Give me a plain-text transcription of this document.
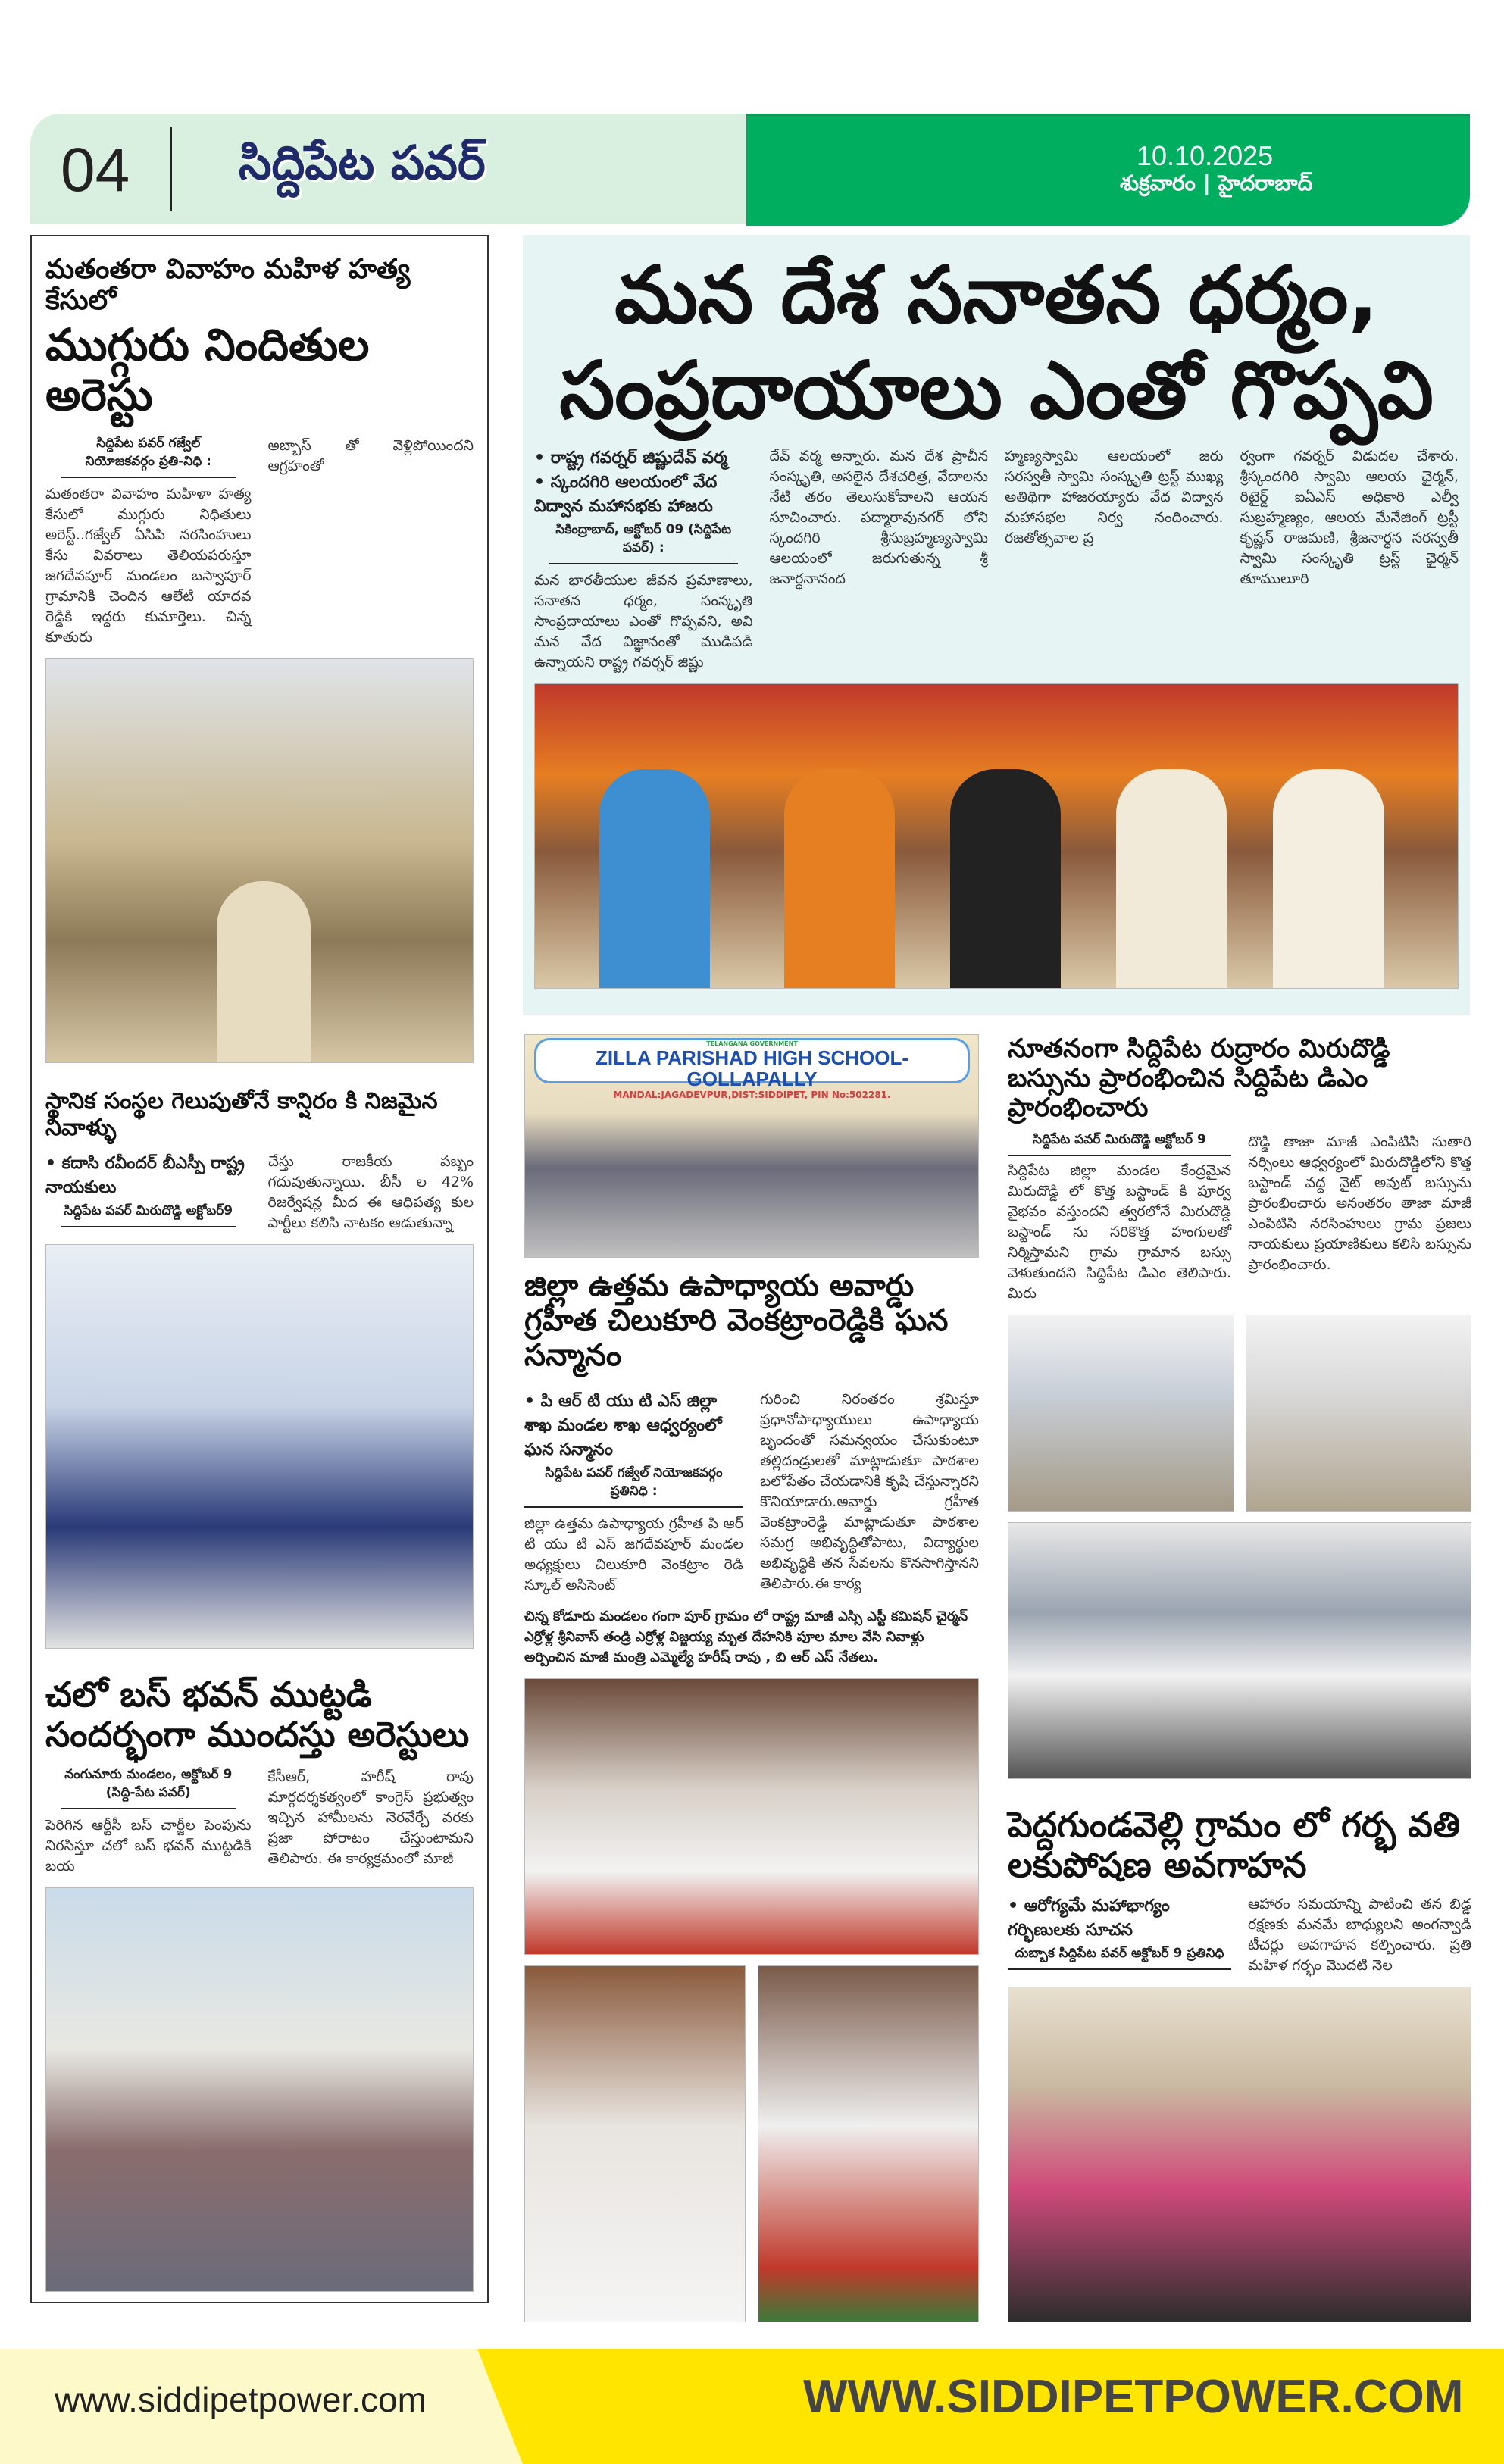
04 సిద్దిపేట పవర్	10.10.2025
శుక్రవారం | హైదరాబాద్
మతంతరా వివాహం మహిళ హత్య కేసులో
ముగ్గురు నిందితుల అరెస్టు
సిద్దిపేట పవర్ గజ్వేల్ నియోజకవర్గం ప్రతి-నిధి :
మతంతరా వివాహం మహిళా హత్య కేసులో ముగ్గురు నిధితులు అరెస్ట్..గజ్వేల్ ఏసిపి నరసింహులు కేసు వివరాలు తెలియపరుస్తూ జగదేవపూర్ మండలం బస్వాపూర్ గ్రామానికి చెందిన ఆలేటి యాదవ రెడ్డికి ఇద్దరు కుమార్తెలు. చిన్న కూతురు
అబ్బాస్ తో వెళ్లిపోయిందని ఆగ్రహంతో
స్థానిక సంస్థల గెలుపుతోనే కాన్షిరం కి నిజమైన నివాళ్ళు
• కదాసి రవీందర్ బీఎస్పీ రాష్ట్ర నాయకులు
సిద్దిపేట పవర్ మిరుదొడ్డి అక్టోబర్9
చేస్తు రాజకీయ పబ్బం గదువుతున్నాయి. బీసీ ల 42% రిజర్వేషన్ల మీద ఈ ఆధిపత్య కుల పార్టీలు కలిసి నాటకం ఆడుతున్నా
చలో బస్ భవన్ ముట్టడి సందర్భంగా ముందస్తు అరెస్టులు
నంగునూరు మండలం, అక్టోబర్ 9 (సిద్ది-పేట పవర్)
పెరిగిన ఆర్టీసీ బస్ చార్జీల పెంపును నిరసిస్తూ చలో బస్ భవన్ ముట్టడికి బయ
కేసీఆర్, హరీష్ రావు మార్గదర్శకత్వంలో కాంగ్రెస్ ప్రభుత్వం ఇచ్చిన హామీలను నెరవేర్చే వరకు ప్రజా పోరాటం చేస్తుంటామని తెలిపారు. ఈ కార్యక్రమంలో మాజీ
మన దేశ సనాతన ధర్మం,
సంప్రదాయాలు ఎంతో గొప్పవి
• రాష్ట్ర గవర్నర్ జిష్ణుదేవ్ వర్మ
• స్కందగిరి ఆలయంలో వేద విద్వాన మహాసభకు హాజరు
సికింద్రాబాద్, అక్టోబర్ 09 (సిద్దిపేట పవర్) :
మన భారతీయుల జీవన ప్రమాణాలు, సనాతన ధర్మం, సంస్కృతి సాంప్రదాయాలు ఎంతో గొప్పవని, అవి మన వేద విజ్ఞానంతో ముడిపడి ఉన్నాయని రాష్ట్ర గవర్నర్ జిష్ణు
దేవ్ వర్మ అన్నారు. మన దేశ ప్రాచీన సంస్కృతి, అసలైన దేశచరిత్ర, వేదాలను నేటి తరం తెలుసుకోవాలని ఆయన సూచించారు. పద్మారావునగర్ లోని స్కందగిరి శ్రీసుబ్రహ్మణ్యస్వామి ఆలయంలో జరుగుతున్న శ్రీ జనార్ధనానంద
హ్మణ్యస్వామి ఆలయంలో జరు సరస్వతీ స్వామి సంస్కృతి ట్రస్ట్ ముఖ్య అతిథిగా హాజరయ్యారు వేద విద్వాన మహాసభల నిర్వ నందించారు. రజతోత్సవాల ప్ర
ర్వంగా గవర్నర్ విడుదల చేశారు. శ్రీస్కందగిరి స్వామి ఆలయ ఛైర్మన్, రిటైర్డ్ ఐఏఎస్ అధికారి ఎల్వీ సుబ్రహ్మణ్యం, ఆలయ మేనేజింగ్ ట్రస్టీ కృష్ణన్ రాజమణి, శ్రీజనార్ధన సరస్వతీ స్వామి సంస్కృతి ట్రస్ట్ ఛైర్మన్ తూములూరి
TELANGANA GOVERNMENT
ZILLA PARISHAD HIGH SCHOOL-GOLLAPALLY
MANDAL:JAGADEVPUR,DIST:SIDDIPET, PIN No:502281.
జిల్లా ఉత్తమ ఉపాధ్యాయ అవార్డు గ్రహీత చిలుకూరి వెంకట్రాంరెడ్డికి ఘన సన్మానం
• పి ఆర్ టి యు టి ఎస్ జిల్లా శాఖ మండల శాఖ ఆధ్వర్యంలో ఘన సన్మానం
సిద్దిపేట పవర్ గజ్వేల్ నియోజకవర్గం ప్రతినిధి :
జిల్లా ఉత్తమ ఉపాధ్యాయ గ్రహీత పి ఆర్ టి యు టి ఎస్ జగదేవపూర్ మండల అధ్యక్షులు చిలుకూరి వెంకట్రాం రెడి స్కూల్ అసిసెంట్
గురించి నిరంతరం శ్రమిస్తూ ప్రధానోపాధ్యాయులు ఉపాధ్యాయ బృందంతో సమన్వయం చేసుకుంటూ తల్లిదండ్రులతో మాట్లాడుతూ పాఠశాల బలోపేతం చేయడానికి కృషి చేస్తున్నారని కొనియాడారు.అవార్డు గ్రహీత వెంకట్రాంరెడ్డి మాట్లాడుతూ పాఠశాల సమగ్ర అభివృద్ధితోపాటు, విద్యార్థుల అభివృద్ధికి తన సేవలను కొనసాగిస్తానని తెలిపారు.ఈ కార్య
చిన్న కోడూరు మండలం గంగా పూర్ గ్రామం లో రాష్ట్ర మాజీ ఎస్సి ఎస్టీ కమిషన్ చైర్మన్ ఎర్రోళ్ల శ్రీనివాస్ తండ్రి ఎర్రోళ్ల విజ్జయ్య మృత దేహనికి పూల మాల వేసి నివాళ్లు అర్పించిన మాజీ మంత్రి ఎమ్మెల్యే హరీష్ రావు , బి ఆర్ ఎస్ నేతలు.
నూతనంగా సిద్దిపేట రుద్రారం మిరుదొడ్డి బస్సును ప్రారంభించిన సిద్దిపేట డిఎం ప్రారంభించారు
సిద్దిపేట పవర్ మిరుదొడ్డి అక్టోబర్ 9
సిద్దిపేట జిల్లా మండల కేంద్రమైన మిరుదొడ్డి లో కొత్త బస్టాండ్ కి పూర్వ వైభవం వస్తుందని త్వరలోనే మిరుదొడ్డి బస్టాండ్ ను సరికొత్త హంగులతో నిర్మిస్తామని గ్రామ గ్రామాన బస్సు వెళుతుందని సిద్దిపేట డిఎం తెలిపారు. మిరు
దొడ్డి తాజా మాజీ ఎంపిటిసి సుతారి నర్సింలు ఆధ్వర్యంలో మిరుదొడ్డిలోని కొత్త బస్టాండ్ వద్ద నైట్ అవుట్ బస్సును ప్రారంభించారు అనంతరం తాజా మాజీ ఎంపిటిసి నరసింహులు గ్రామ ప్రజలు నాయకులు ప్రయాణికులు కలిసి బస్సును ప్రారంభించారు.
పెద్దగుండవెల్లి గ్రామం లో గర్భ వతి లకుపోషణ అవగాహన
• ఆరోగ్యమే మహాభాగ్యం గర్భిణులకు సూచన
దుబ్బాక సిద్దిపేట పవర్ అక్టోబర్ 9 ప్రతినిధి
ఆహారం సమయాన్ని పాటించి తన బిడ్డ రక్షణకు మనమే బాధ్యులని అంగన్వాడి టీచర్లు అవగాహన కల్పించారు. ప్రతి మహిళ గర్భం మొదటి నెల
www.siddipetpower.com	WWW.SIDDIPETPOWER.COM
